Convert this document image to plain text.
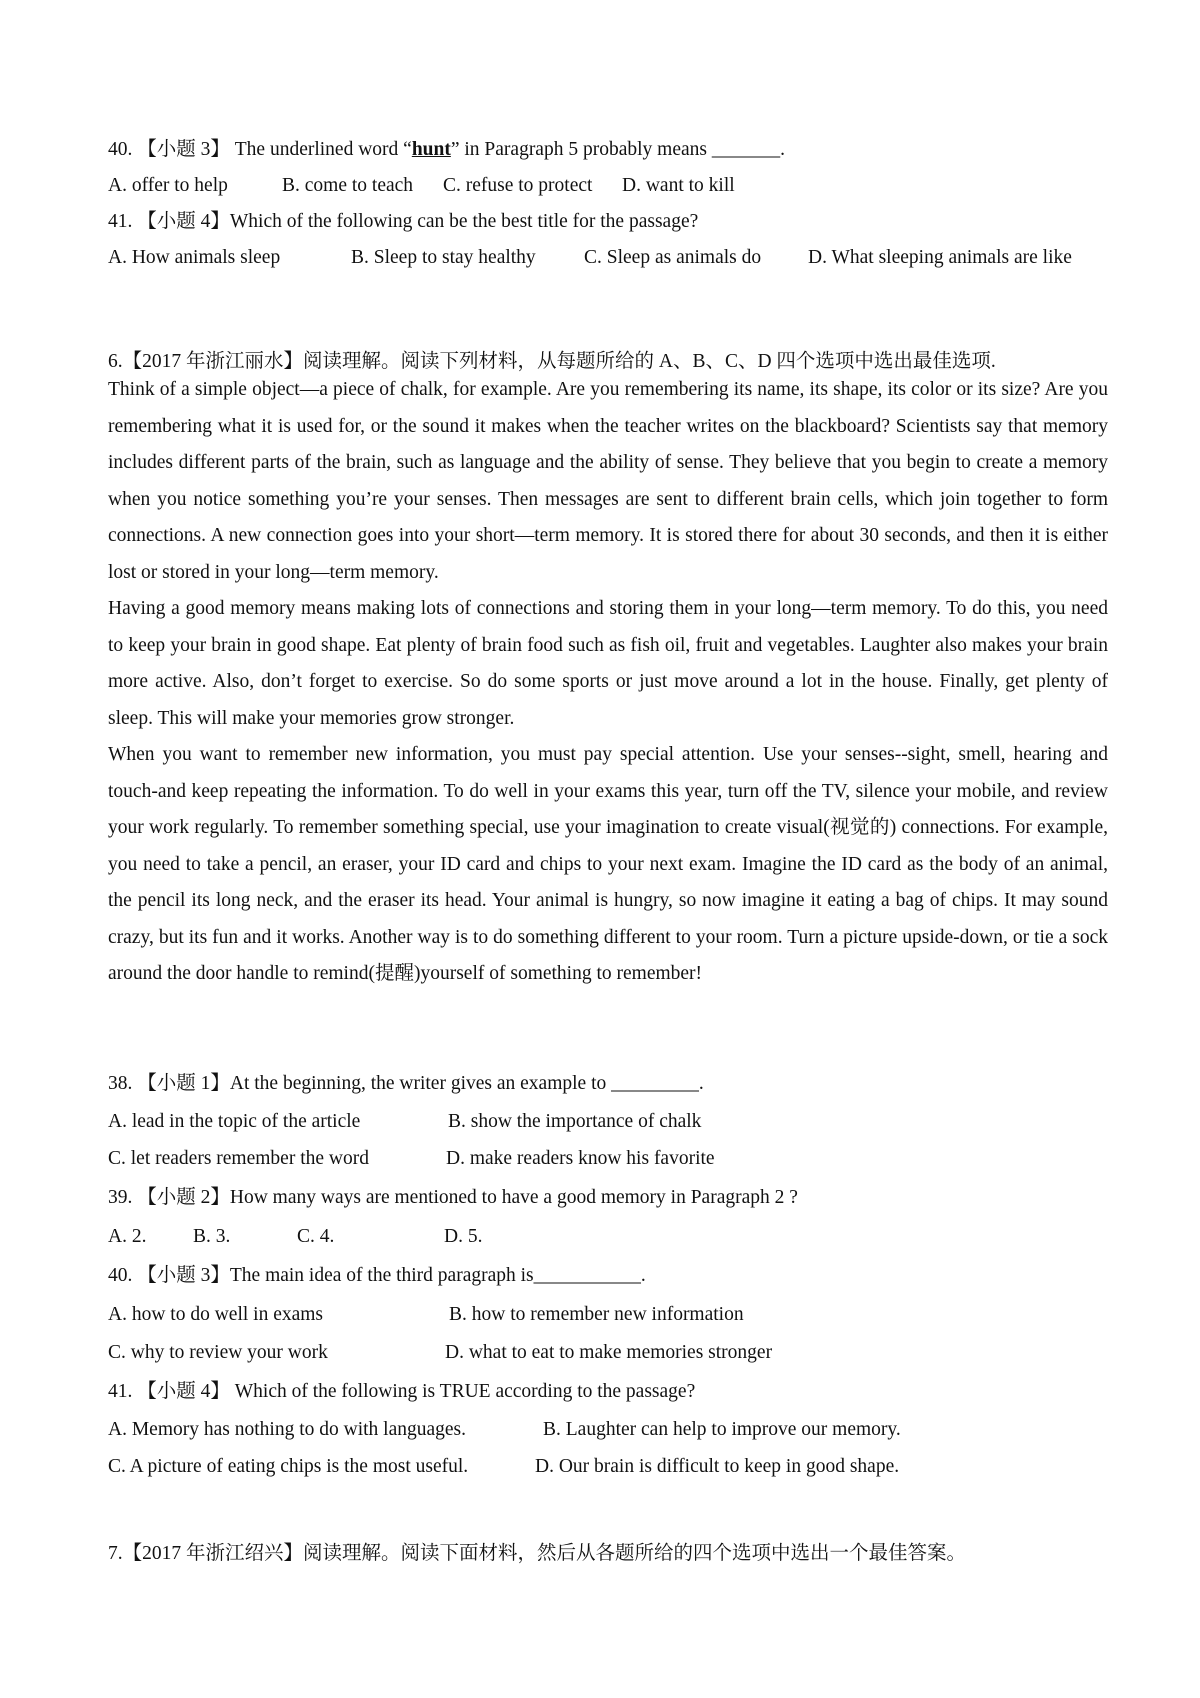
40. 【小题 3】 The underlined word “hunt” in Paragraph 5 probably means _______.
A. offer to help	B. come to teach C. refuse to protect D. want to kill
41. 【小题 4】Which of the following can be the best title for the passage?
A. How animals sleep	B. Sleep to stay healthy C. Sleep as animals do D. What sleeping animals are like
6.【2017 年浙江丽水】阅读理解。阅读下列材料，从每题所给的 A、B、C、D 四个选项中选出最佳选项.
Think of a simple object—a piece of chalk, for example. Are you remembering its name, its shape, its color or its size? Are you remembering what it is used for, or the sound it makes when the teacher writes on the blackboard? Scientists say that memory includes different parts of the brain, such as language and the ability of sense. They believe that you begin to create a memory when you notice something you’re your senses. Then messages are sent to different brain cells, which join together to form connections. A new connection goes into your short—term memory. It is stored there for about 30 seconds, and then it is either lost or stored in your long—term memory.
Having a good memory means making lots of connections and storing them in your long—term memory. To do this, you need to keep your brain in good shape. Eat plenty of brain food such as fish oil, fruit and vegetables. Laughter also makes your brain more active. Also, don’t forget to exercise. So do some sports or just move around a lot in the house. Finally, get plenty of sleep. This will make your memories grow stronger.
When you want to remember new information, you must pay special attention. Use your senses--sight, smell, hearing and touch-and keep repeating the information. To do well in your exams this year, turn off the TV, silence your mobile, and review your work regularly. To remember something special, use your imagination to create visual(视觉的) connections. For example, you need to take a pencil, an eraser, your ID card and chips to your next exam. Imagine the ID card as the body of an animal, the pencil its long neck, and the eraser its head. Your animal is hungry, so now imagine it eating a bag of chips. It may sound crazy, but its fun and it works. Another way is to do something different to your room. Turn a picture upside-down, or tie a sock around the door handle to remind(提醒)yourself of something to remember!
38. 【小题 1】At the beginning, the writer gives an example to _________.
A. lead in the topic of the article	B. show the importance of chalk
C. let readers remember the word	D. make readers know his favorite
39. 【小题 2】How many ways are mentioned to have a good memory in Paragraph 2 ?
A. 2. B. 3.	C. 4.	D. 5.
40. 【小题 3】The main idea of the third paragraph is___________.
A. how to do well in exams	B. how to remember new information
C. why to review your work	D. what to eat to make memories stronger
41. 【小题 4】 Which of the following is TRUE according to the passage?
A. Memory has nothing to do with languages.	B. Laughter can help to improve our memory.
C. A picture of eating chips is the most useful.	D. Our brain is difficult to keep in good shape.
7.【2017 年浙江绍兴】阅读理解。阅读下面材料，然后从各题所给的四个选项中选出一个最佳答案。
